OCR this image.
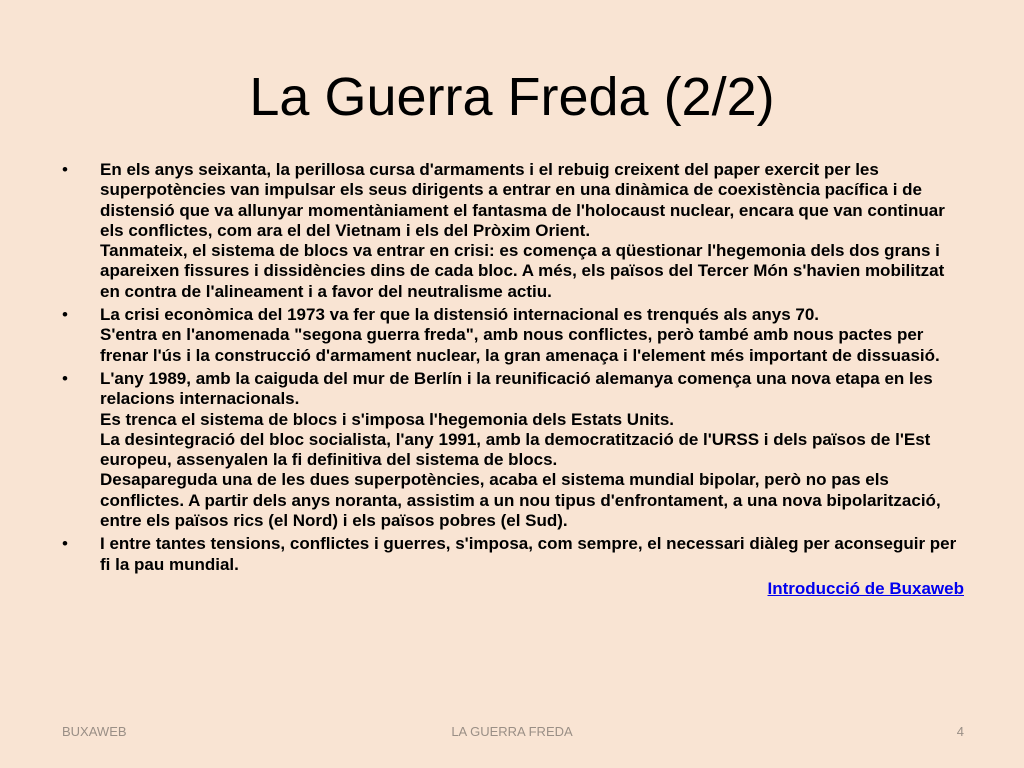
La Guerra Freda (2/2)
• En els anys seixanta, la perillosa cursa d'armaments i el rebuig creixent del paper exercit per les superpotències van impulsar els seus dirigents a entrar en una dinàmica de coexistència pacífica i de distensió que va allunyar momentàniament el fantasma de l'holocaust nuclear, encara que van continuar els conflictes, com ara el del Vietnam i els del Pròxim Orient.
Tanmateix, el sistema de blocs va entrar en crisi: es comença a qüestionar l'hegemonia dels dos grans i apareixen fissures i dissidències dins de cada bloc. A més, els països del Tercer Món s'havien mobilitzat en contra de l'alineament i a favor del neutralisme actiu.
• La crisi econòmica del 1973 va fer que la distensió internacional es trenqués als anys 70.
S'entra en l'anomenada "segona guerra freda", amb nous conflictes, però també amb nous pactes per frenar l'ús i la construcció d'armament nuclear, la gran amenaça i l'element més important de dissuasió.
• L'any 1989, amb la caiguda del mur de Berlín i la reunificació alemanya comença una nova etapa en les relacions internacionals.
Es trenca el sistema de blocs i s'imposa l'hegemonia dels Estats Units.
La desintegració del bloc socialista, l'any 1991, amb la democratització de l'URSS i dels països de l'Est europeu, assenyalen la fi definitiva del sistema de blocs.
Desapareguda una de les dues superpotències, acaba el sistema mundial bipolar, però no pas els conflictes. A partir dels anys noranta, assistim a un nou tipus d'enfrontament, a una nova bipolarització, entre els països rics (el Nord) i els països pobres (el Sud).
• I entre tantes tensions, conflictes i guerres, s'imposa, com sempre, el necessari diàleg per aconseguir per fi la pau mundial.
Introducció de Buxaweb
BUXAWEB	LA GUERRA FREDA	4
